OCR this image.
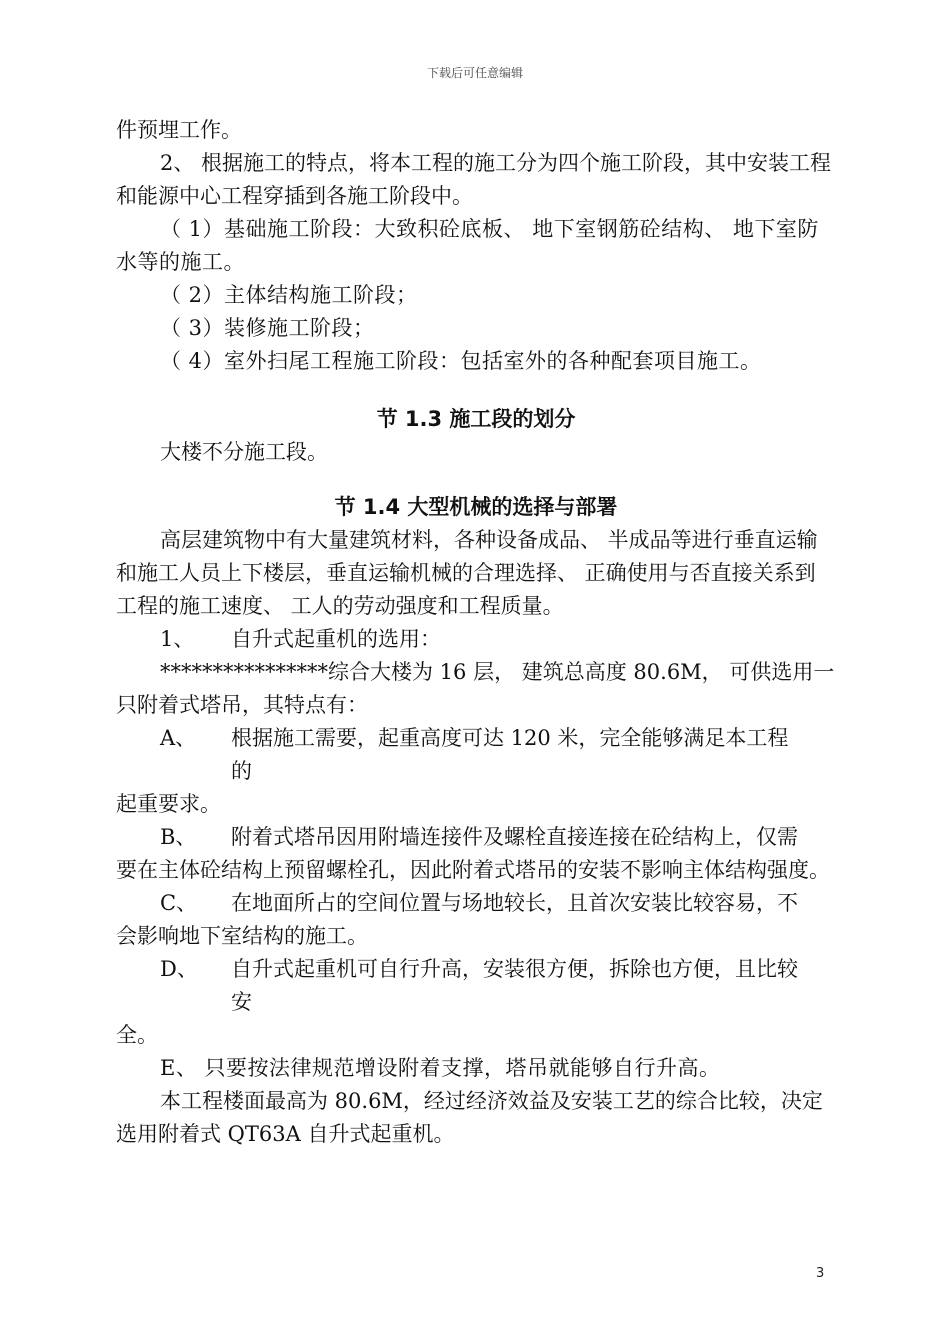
下载后可任意编辑

件预埋工作。

2、 根据施工的特点，将本工程的施工分为四个施工阶段，其中安装工程和能源中心工程穿插到各施工阶段中。

（ 1）基础施工阶段：大致积砼底板、 地下室钢筋砼结构、 地下室防水等的施工。

（ 2）主体结构施工阶段；

（ 3）装修施工阶段；

（ 4）室外扫尾工程施工阶段：包括室外的各种配套项目施工。

节 1.3 施工段的划分

大楼不分施工段。

节 1.4 大型机械的选择与部署

高层建筑物中有大量建筑材料，各种设备成品、 半成品等进行垂直运输和施工人员上下楼层，垂直运输机械的合理选择、 正确使用与否直接关系到工程的施工速度、 工人的劳动强度和工程质量。

1、	自升式起重机的选用：

****************综合大楼为 16 层， 建筑总高度 80.6M， 可供选用一只附着式塔吊，其特点有：

A、	根据施工需要，起重高度可达 120 米，完全能够满足本工程的

起重要求。

B、	附着式塔吊因用附墙连接件及螺栓直接连接在砼结构上，仅需

要在主体砼结构上预留螺栓孔，因此附着式塔吊的安装不影响主体结构强度。

C、	在地面所占的空间位置与场地较长，且首次安装比较容易，不

会影响地下室结构的施工。

D、	自升式起重机可自行升高，安装很方便，拆除也方便，且比较安

全。

E、 只要按法律规范增设附着支撑，塔吊就能够自行升高。

本工程楼面最高为 80.6M，经过经济效益及安装工艺的综合比较，决定选用附着式 QT63A 自升式起重机。

3
